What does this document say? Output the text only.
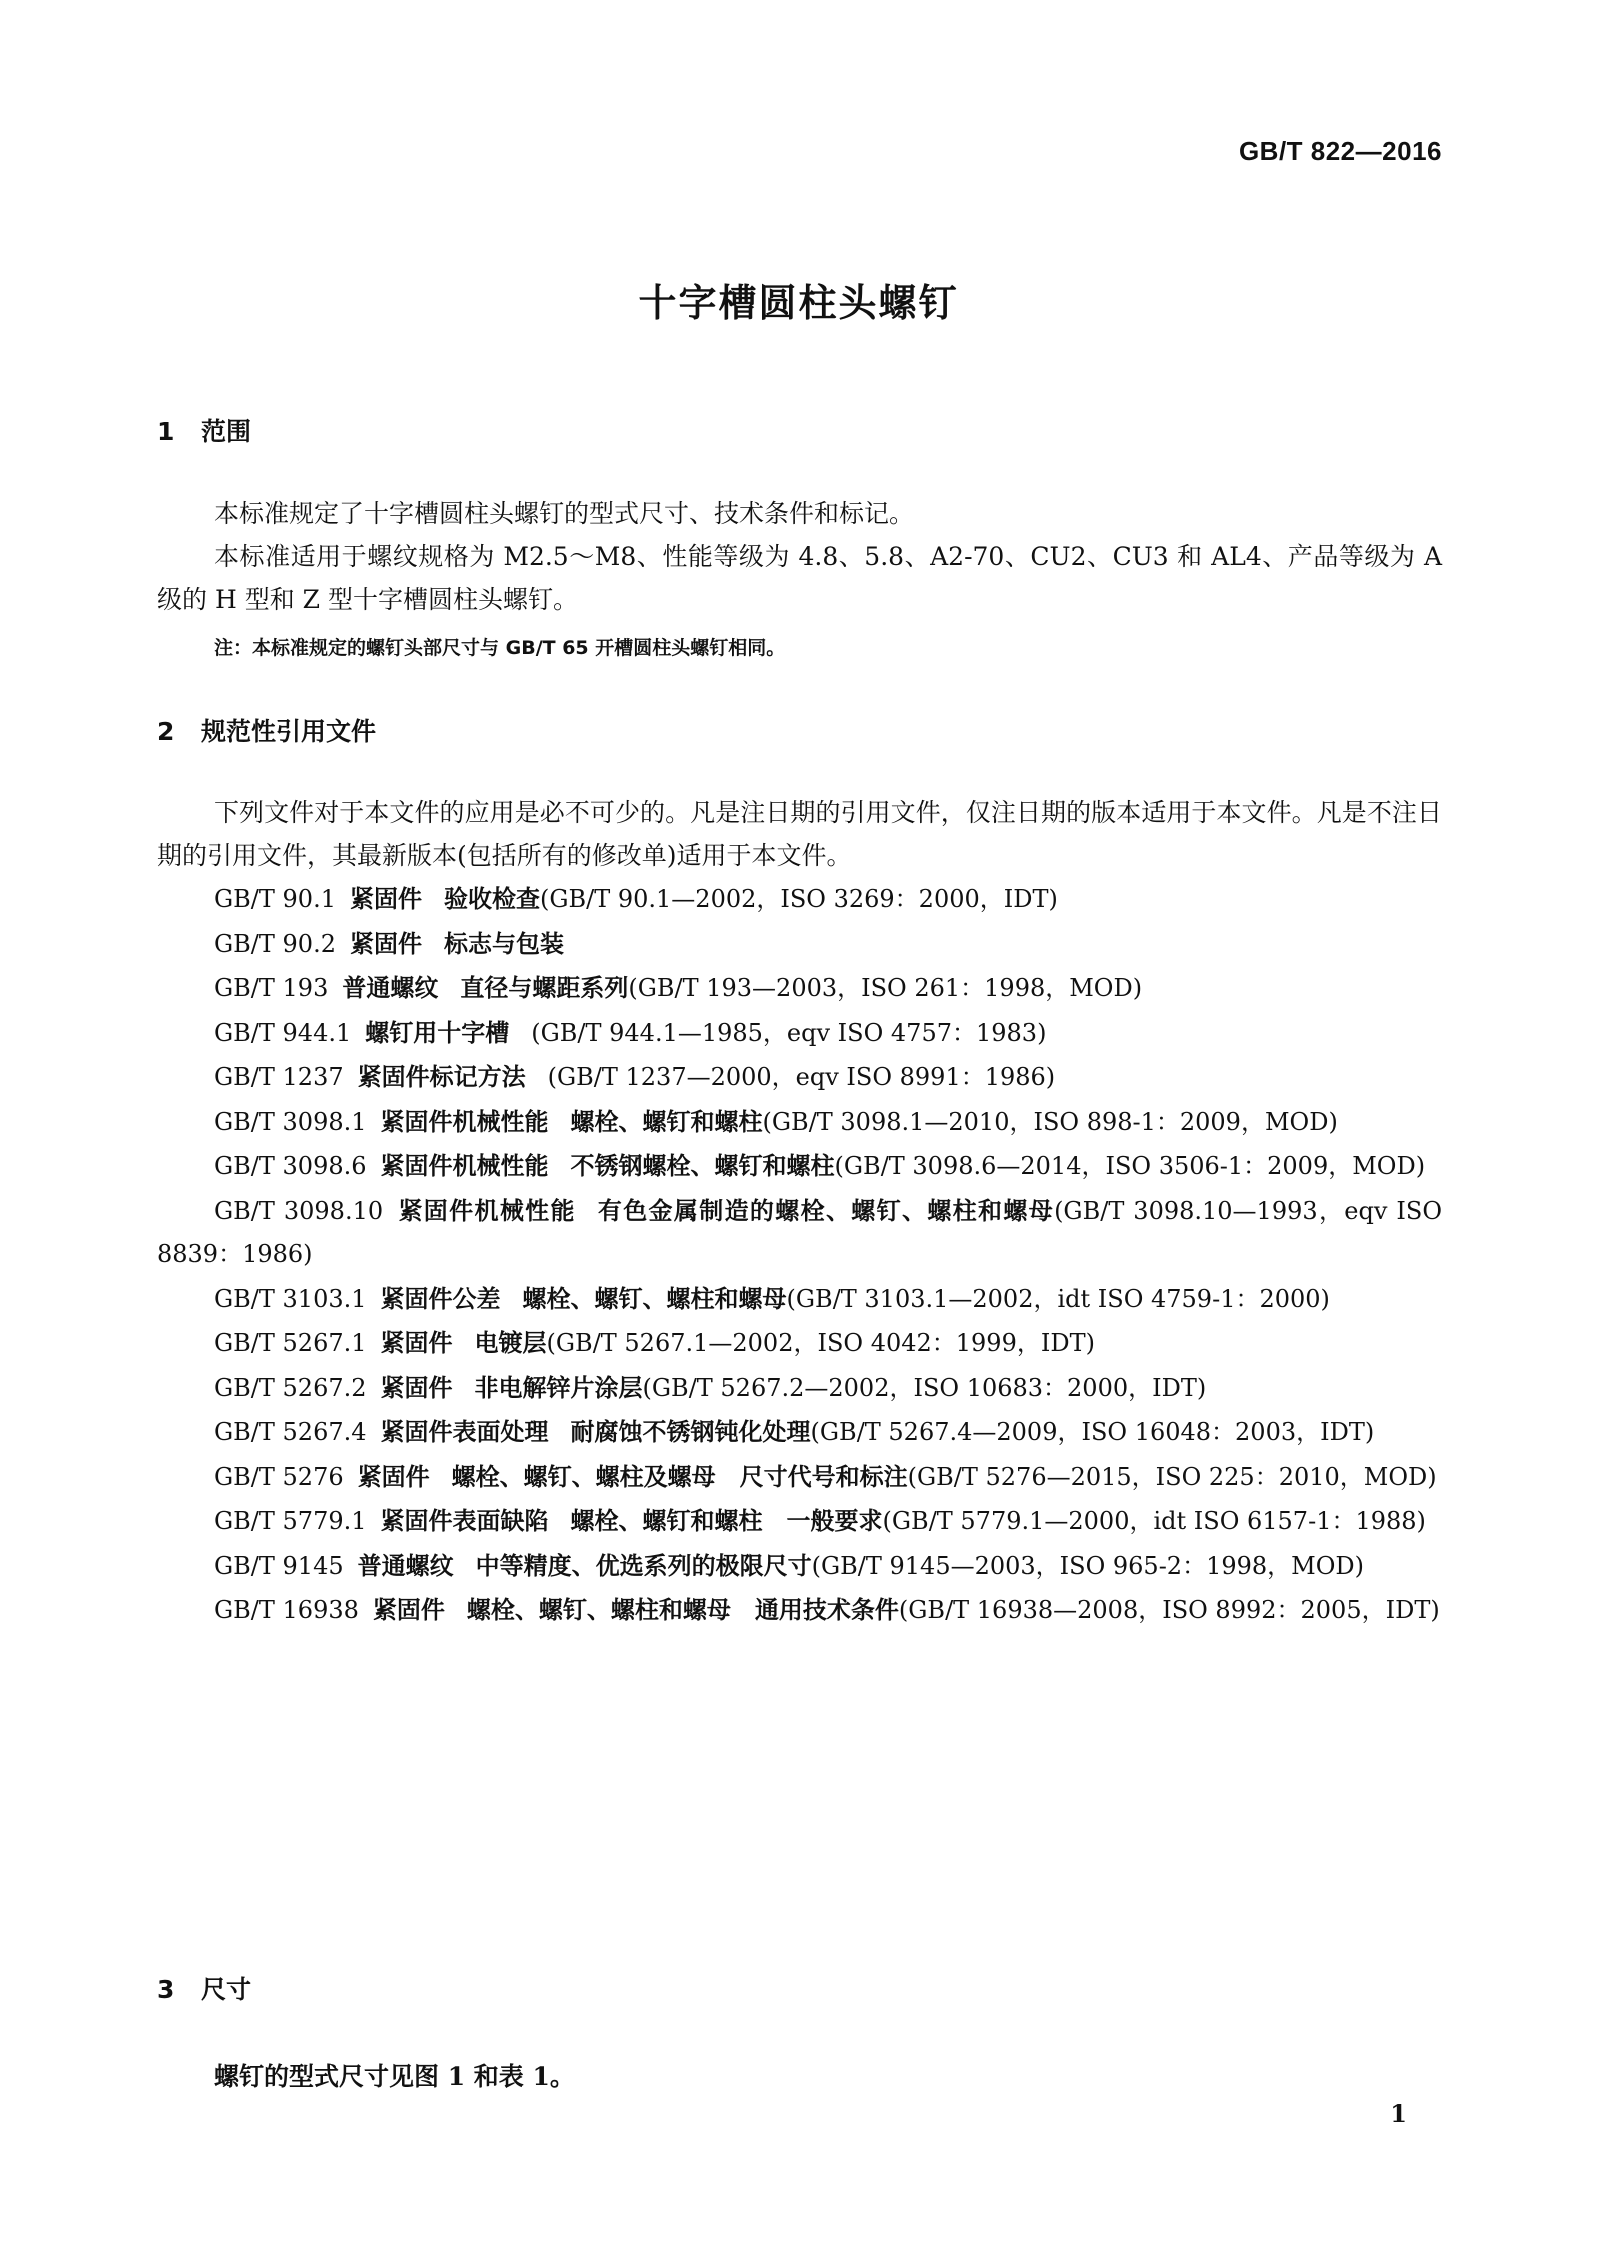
GB/T 822—2016
十字槽圆柱头螺钉
1 范围
本标准规定了十字槽圆柱头螺钉的型式尺寸、技术条件和标记。
本标准适用于螺纹规格为 M2.5～M8、性能等级为 4.8、5.8、A2-70、CU2、CU3 和 AL4、产品等级为 A 级的 H 型和 Z 型十字槽圆柱头螺钉。
注：本标准规定的螺钉头部尺寸与 GB/T 65 开槽圆柱头螺钉相同。
2 规范性引用文件
下列文件对于本文件的应用是必不可少的。凡是注日期的引用文件，仅注日期的版本适用于本文件。凡是不注日期的引用文件，其最新版本(包括所有的修改单)适用于本文件。

GB/T 90.1 紧固件 验收检查(GB/T 90.1—2002，ISO 3269：2000，IDT)

GB/T 90.2 紧固件 标志与包装

GB/T 193 普通螺纹 直径与螺距系列(GB/T 193—2003，ISO 261：1998，MOD)

GB/T 944.1 螺钉用十字槽 (GB/T 944.1—1985，eqv ISO 4757：1983)

GB/T 1237 紧固件标记方法 (GB/T 1237—2000，eqv ISO 8991：1986)

GB/T 3098.1 紧固件机械性能 螺栓、螺钉和螺柱(GB/T 3098.1—2010，ISO 898-1：2009，MOD)

GB/T 3098.6 紧固件机械性能 不锈钢螺栓、螺钉和螺柱(GB/T 3098.6—2014，ISO 3506-1：2009，MOD)

GB/T 3098.10 紧固件机械性能 有色金属制造的螺栓、螺钉、螺柱和螺母(GB/T 3098.10—1993，eqv ISO 8839：1986)

GB/T 3103.1 紧固件公差 螺栓、螺钉、螺柱和螺母(GB/T 3103.1—2002，idt ISO 4759-1：2000)

GB/T 5267.1 紧固件 电镀层(GB/T 5267.1—2002，ISO 4042：1999，IDT)

GB/T 5267.2 紧固件 非电解锌片涂层(GB/T 5267.2—2002，ISO 10683：2000，IDT)

GB/T 5267.4 紧固件表面处理 耐腐蚀不锈钢钝化处理(GB/T 5267.4—2009，ISO 16048：2003，IDT)

GB/T 5276 紧固件 螺栓、螺钉、螺柱及螺母　尺寸代号和标注(GB/T 5276—2015，ISO 225：2010，MOD)

GB/T 5779.1 紧固件表面缺陷 螺栓、螺钉和螺柱　一般要求(GB/T 5779.1—2000，idt ISO 6157-1：1988)

GB/T 9145 普通螺纹 中等精度、优选系列的极限尺寸(GB/T 9145—2003，ISO 965-2：1998，MOD)

GB/T 16938 紧固件 螺栓、螺钉、螺柱和螺母　通用技术条件(GB/T 16938—2008，ISO 8992：2005，IDT)

3 尺寸
螺钉的型式尺寸见图 1 和表 1。
1
